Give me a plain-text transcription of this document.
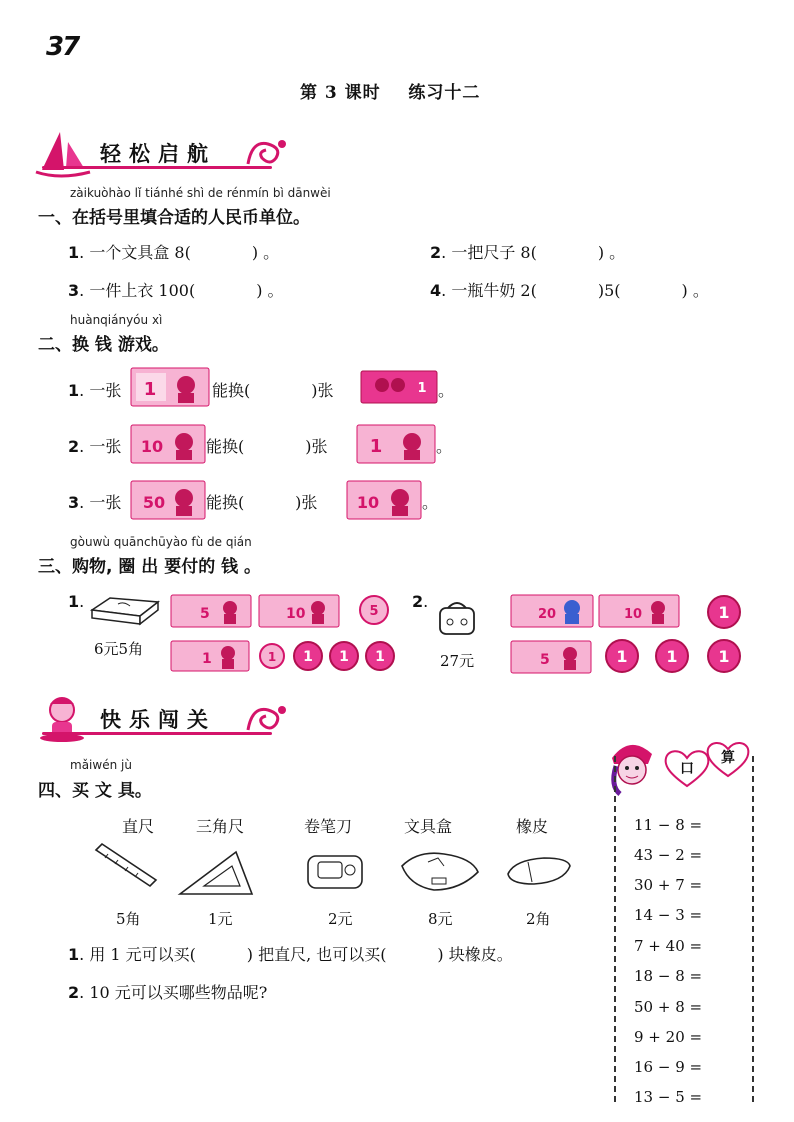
37
第 3 课时    练习十二
轻松启航
zàikuòhào lǐ tiánhé shì de rénmín bì dānwèi
一、在括号里填合适的人民币单位。
1. 一个文具盒 8(            ) 。	2. 一把尺子 8(            ) 。
3. 一件上衣 100(            ) 。	4. 一瓶牛奶 2(            )5(            ) 。
huànqiányóu xì
二、换 钱 游戏。
1. 一张 1	能换(            )张	1 。
2. 一张 10	能换(            )张 1	。
3. 一张 50	能换(          )张 10	。
gòuwù quānchūyào fù de qián
三、购物, 圈 出 要付的 钱 。
1.
6元5角
5	10	5
1	1 1 1 1
2.
27元
20	10	1
5	1 1	1
快乐闯关
mǎiwén jù
四、买 文 具。
直尺	三角尺	卷笔刀	文具盒	橡皮
5角	1元	2元	8元	2角
1. 用 1 元可以买(          ) 把直尺, 也可以买(          ) 块橡皮。
2. 10 元可以买哪些物品呢?
口
算
11 − 8 =
43 − 2 =
30 + 7 =
14 − 3 =
7 + 40 =
18 − 8 =
50 + 8 =
9 + 20 =
16 − 9 =
13 − 5 =
